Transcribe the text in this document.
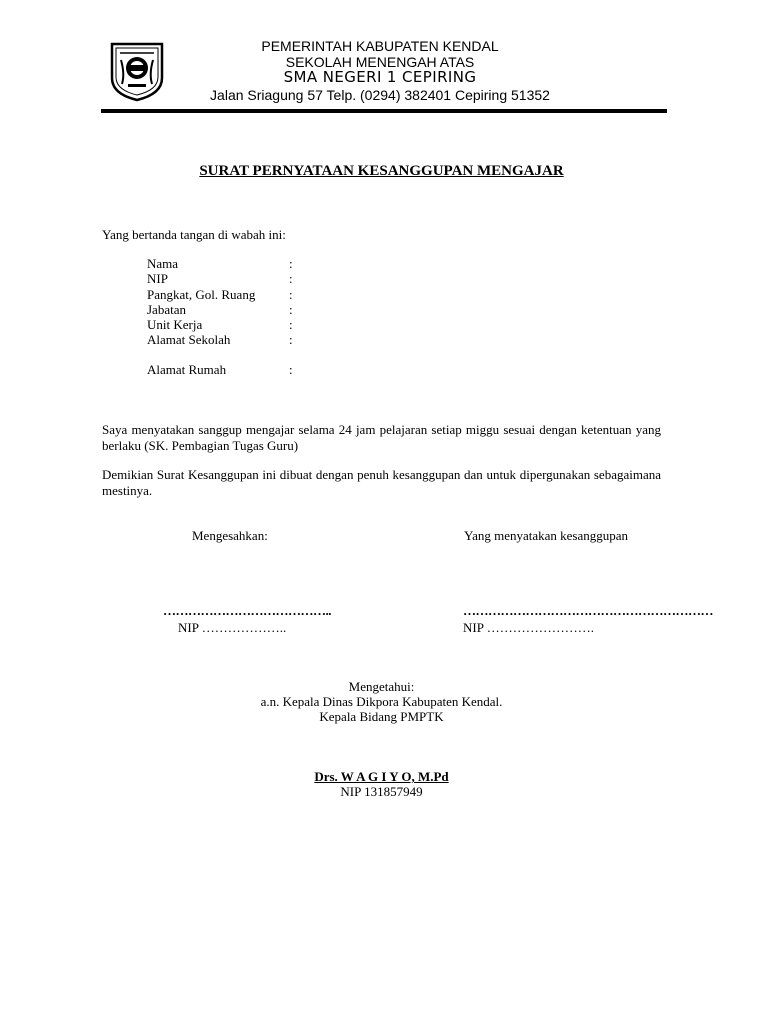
PEMERINTAH KABUPATEN KENDAL
SEKOLAH MENENGAH ATAS
SMA NEGERI 1 CEPIRING
Jalan Sriagung 57 Telp. (0294) 382401 Cepiring 51352
SURAT PERNYATAAN KESANGGUPAN MENGAJAR
Yang bertanda tangan di wabah ini:
Nama	:
NIP	:
Pangkat, Gol. Ruang	:
Jabatan	:
Unit Kerja	:
Alamat Sekolah	:
Alamat Rumah	:
Saya menyatakan sanggup mengajar selama 24 jam pelajaran setiap miggu sesuai dengan ketentuan yang berlaku (SK. Pembagian Tugas Guru)
Demikian Surat Kesanggupan ini dibuat dengan penuh kesanggupan dan untuk dipergunakan sebagaimana mestinya.
Mengesahkan:	Yang menyatakan kesanggupan
…………………………………..	……………………………………………………
NIP ………………..	NIP …………………….
Mengetahui:
a.n. Kepala Dinas Dikpora Kabupaten Kendal.
Kepala Bidang PMPTK
Drs. W A G I Y O, M.Pd
NIP 131857949
